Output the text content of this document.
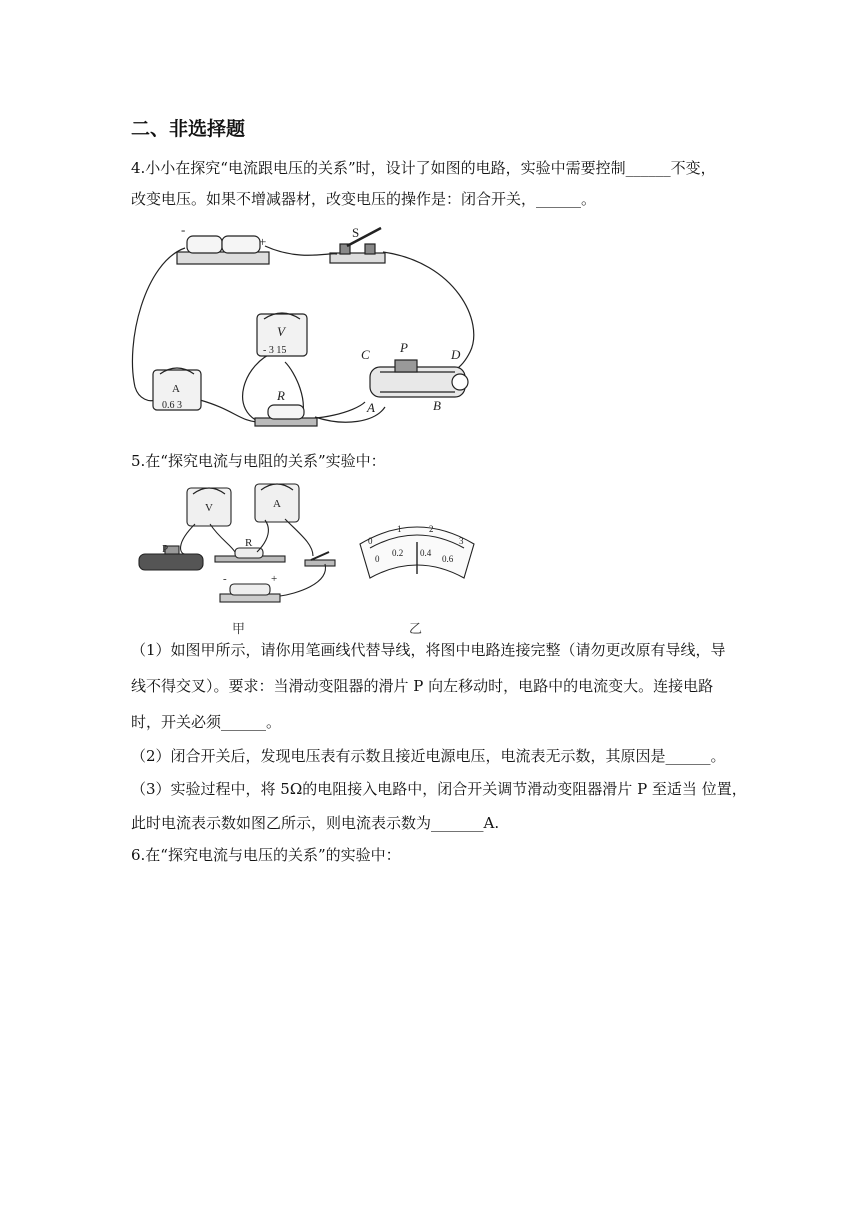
二、非选择题
4.小小在探究“电流跟电压的关系”时，设计了如图的电路，实验中需要控制______不变，
改变电压。如果不增减器材，改变电压的操作是：闭合开关，______。
-
+
S
V
- 3 15
A
0.6 3
R
P
C	D
A	B
5.在“探究电流与电阻的关系”实验中：
P	R
V	A
-	+
0
1	2
3
0
0.2 0.4
0.6
甲	乙
（1）如图甲所示，请你用笔画线代替导线，将图中电路连接完整（请勿更改原有导线，导
线不得交叉）。要求：当滑动变阻器的滑片 P 向左移动时，电路中的电流变大。连接电路
时，开关必须______。
（2）闭合开关后，发现电压表有示数且接近电源电压，电流表无示数，其原因是______。
（3）实验过程中，将 5Ω的电阻接入电路中，闭合开关调节滑动变阻器滑片 P 至适当 位置，
此时电流表示数如图乙所示，则电流表示数为_______A.
6.在“探究电流与电压的关系”的实验中：
